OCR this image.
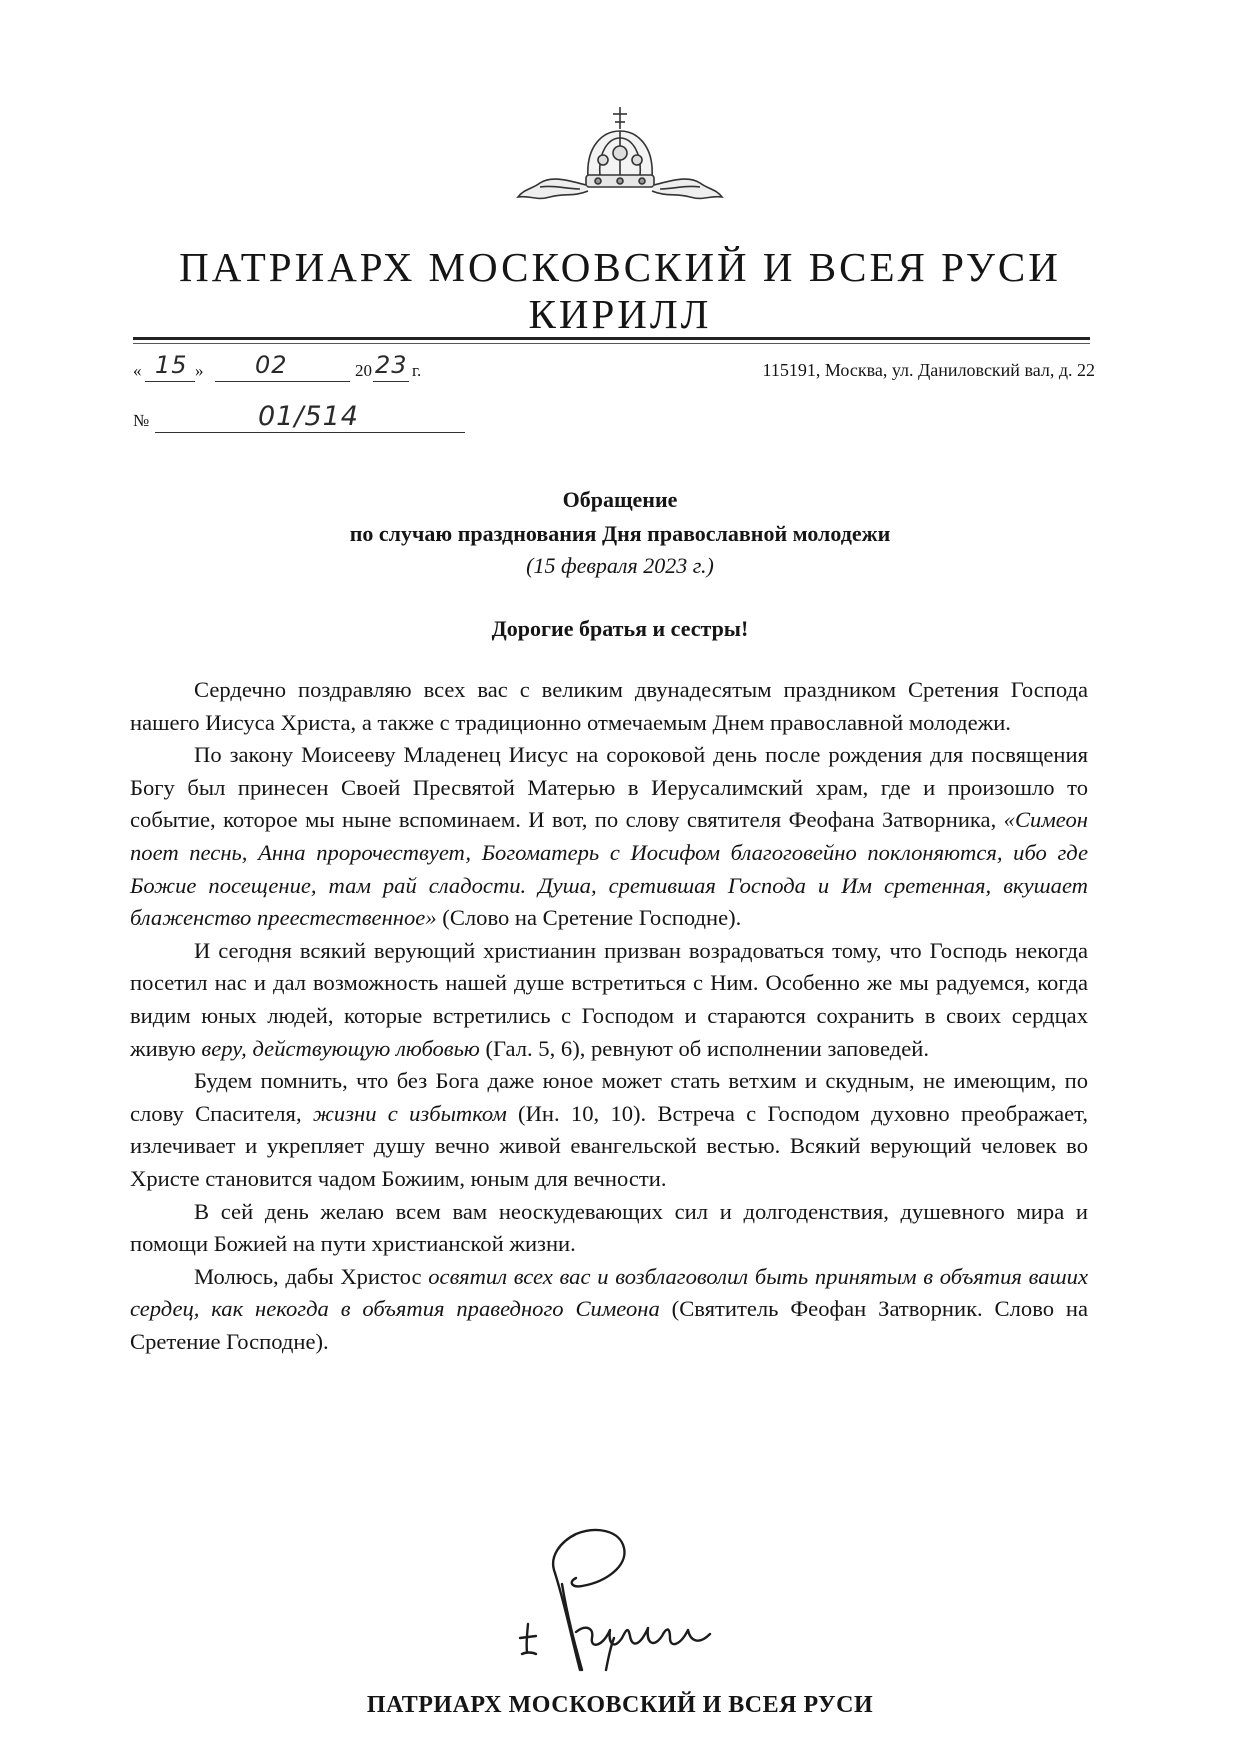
ПАТРИАРХ МОСКОВСКИЙ И ВСЕЯ РУСИ
КИРИЛЛ
« 15 » 02	20 23 г.	115191, Москва, ул. Даниловский вал, д. 22
№	01/514
Обращение
по случаю празднования Дня православной молодежи
(15 февраля 2023 г.)
Дорогие братья и сестры!

Сердечно поздравляю всех вас с великим двунадесятым праздником Сретения Господа нашего Иисуса Христа, а также с традиционно отмечаемым Днем православной молодежи.

По закону Моисееву Младенец Иисус на сороковой день после рождения для посвящения Богу был принесен Своей Пресвятой Матерью в Иерусалимский храм, где и произошло то событие, которое мы ныне вспоминаем. И вот, по слову святителя Феофана Затворника, «Симеон поет песнь, Анна пророчествует, Богоматерь с Иосифом благоговейно поклоняются, ибо где Божие посещение, там рай сладости. Душа, сретившая Господа и Им сретенная, вкушает блаженство преестественное» (Слово на Сретение Господне).

И сегодня всякий верующий христианин призван возрадоваться тому, что Господь некогда посетил нас и дал возможность нашей душе встретиться с Ним. Особенно же мы радуемся, когда видим юных людей, которые встретились с Господом и стараются сохранить в своих сердцах живую веру, действующую любовью (Гал. 5, 6), ревнуют об исполнении заповедей.

Будем помнить, что без Бога даже юное может стать ветхим и скудным, не имеющим, по слову Спасителя, жизни с избытком (Ин. 10, 10). Встреча с Господом духовно преображает, излечивает и укрепляет душу вечно живой евангельской вестью. Всякий верующий человек во Христе становится чадом Божиим, юным для вечности.

В сей день желаю всем вам неоскудевающих сил и долгоденствия, душевного мира и помощи Божией на пути христианской жизни.

Молюсь, дабы Христос освятил всех вас и возблаговолил быть принятым в объятия ваших сердец, как некогда в объятия праведного Симеона (Святитель Феофан Затворник. Слово на Сретение Господне).

ПАТРИАРХ МОСКОВСКИЙ И ВСЕЯ РУСИ
